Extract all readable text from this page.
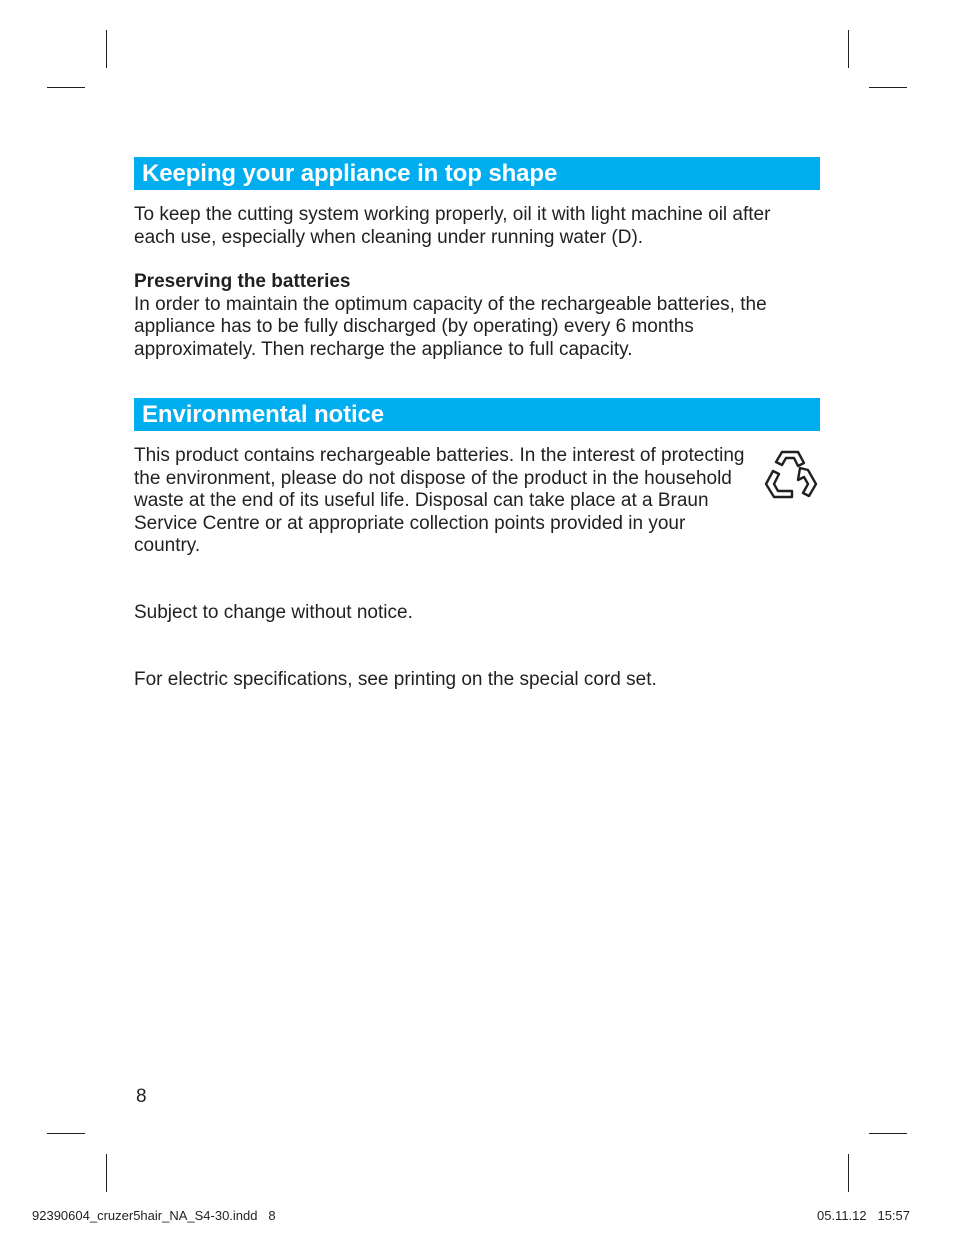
Keeping your appliance in top shape

To keep the cutting system working properly, oil it with light machine oil after each use, especially when cleaning under running water (D).

Preserving the batteries
In order to maintain the optimum capacity of the rechargeable batteries, the appliance has to be fully discharged (by operating) every 6 months approximately. Then recharge the appliance to full capacity.
Environmental notice

This product contains rechargeable batteries. In the interest of protecting the environment, please do not dispose of the product in the household waste at the end of its useful life. Disposal can take place at a Braun Service Centre or at appropriate collection points provided in your country.

Subject to change without notice.

For electric specifications, see printing on the special cord set.

8
92390604_cruzer5hair_NA_S4-30.indd   8	05.11.12   15:57
